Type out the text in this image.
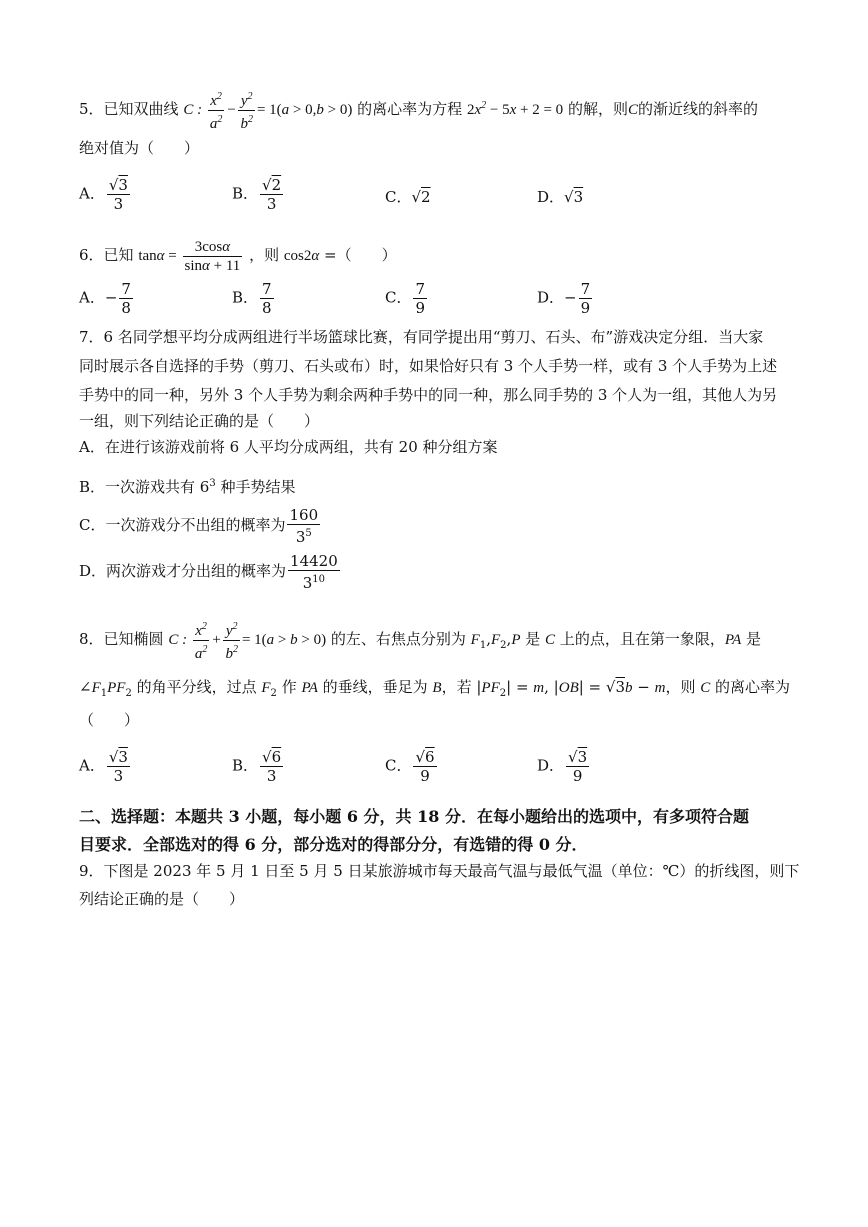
5．已知双曲线 C : $\frac{x^2}{a^2} - \frac{y^2}{b^2} = 1(a > 0,b > 0)$ 的离心率为方程 $2x^2 - 5x + 2 = 0$ 的解，则C的渐近线的斜率的
绝对值为（　　）
A． $\frac{√3}{3}$	B． $\frac{√2}{3}$	C．√2	D．√3
6．已知 $\tan\alpha = \frac{3\cos\alpha}{\sin\alpha + 11}$ ，则 cos2α =（　　）
A．− $\frac{7}{8}$	B． $\frac{7}{8}$	C． $\frac{7}{9}$	D．− $\frac{7}{9}$
7．6 名同学想平均分成两组进行半场篮球比赛，有同学提出用“剪刀、石头、布”游戏决定分组．当大家
同时展示各自选择的手势（剪刀、石头或布）时，如果恰好只有 3 个人手势一样，或有 3 个人手势为上述
手势中的同一种，另外 3 个人手势为剩余两种手势中的同一种，那么同手势的 3 个人为一组，其他人为另
一组，则下列结论正确的是（　　）
A．在进行该游戏前将 6 人平均分成两组，共有 20 种分组方案
B．一次游戏共有 $6^3$ 种手势结果
C．一次游戏分不出组的概率为 $\frac{160}{3^5}$
D．两次游戏才分出组的概率为 $\frac{14420}{3^{10}}$
8．已知椭圆 C : $\frac{x^2}{a^2} + \frac{y^2}{b^2} = 1(a > b > 0)$ 的左、右焦点分别为 $F_1,F_2,P$ 是 C 上的点，且在第一象限，PA 是
$\angle F_1PF_2$ 的角平分线，过点 $F_2$ 作 PA 的垂线，垂足为 B，若 $|PF_2| = m$, |OB| = √3b − m，则 C 的离心率为
（　　）
A． $\frac{√3}{3}$	B． $\frac{√6}{3}$	C． $\frac{√6}{9}$	D． $\frac{√3}{9}$
二、选择题：本题共 3 小题，每小题 6 分，共 18 分．在每小题给出的选项中，有多项符合题
目要求．全部选对的得 6 分，部分选对的得部分分，有选错的得 0 分．
9．下图是 2023 年 5 月 1 日至 5 月 5 日某旅游城市每天最高气温与最低气温（单位：℃）的折线图，则下
列结论正确的是（　　）
